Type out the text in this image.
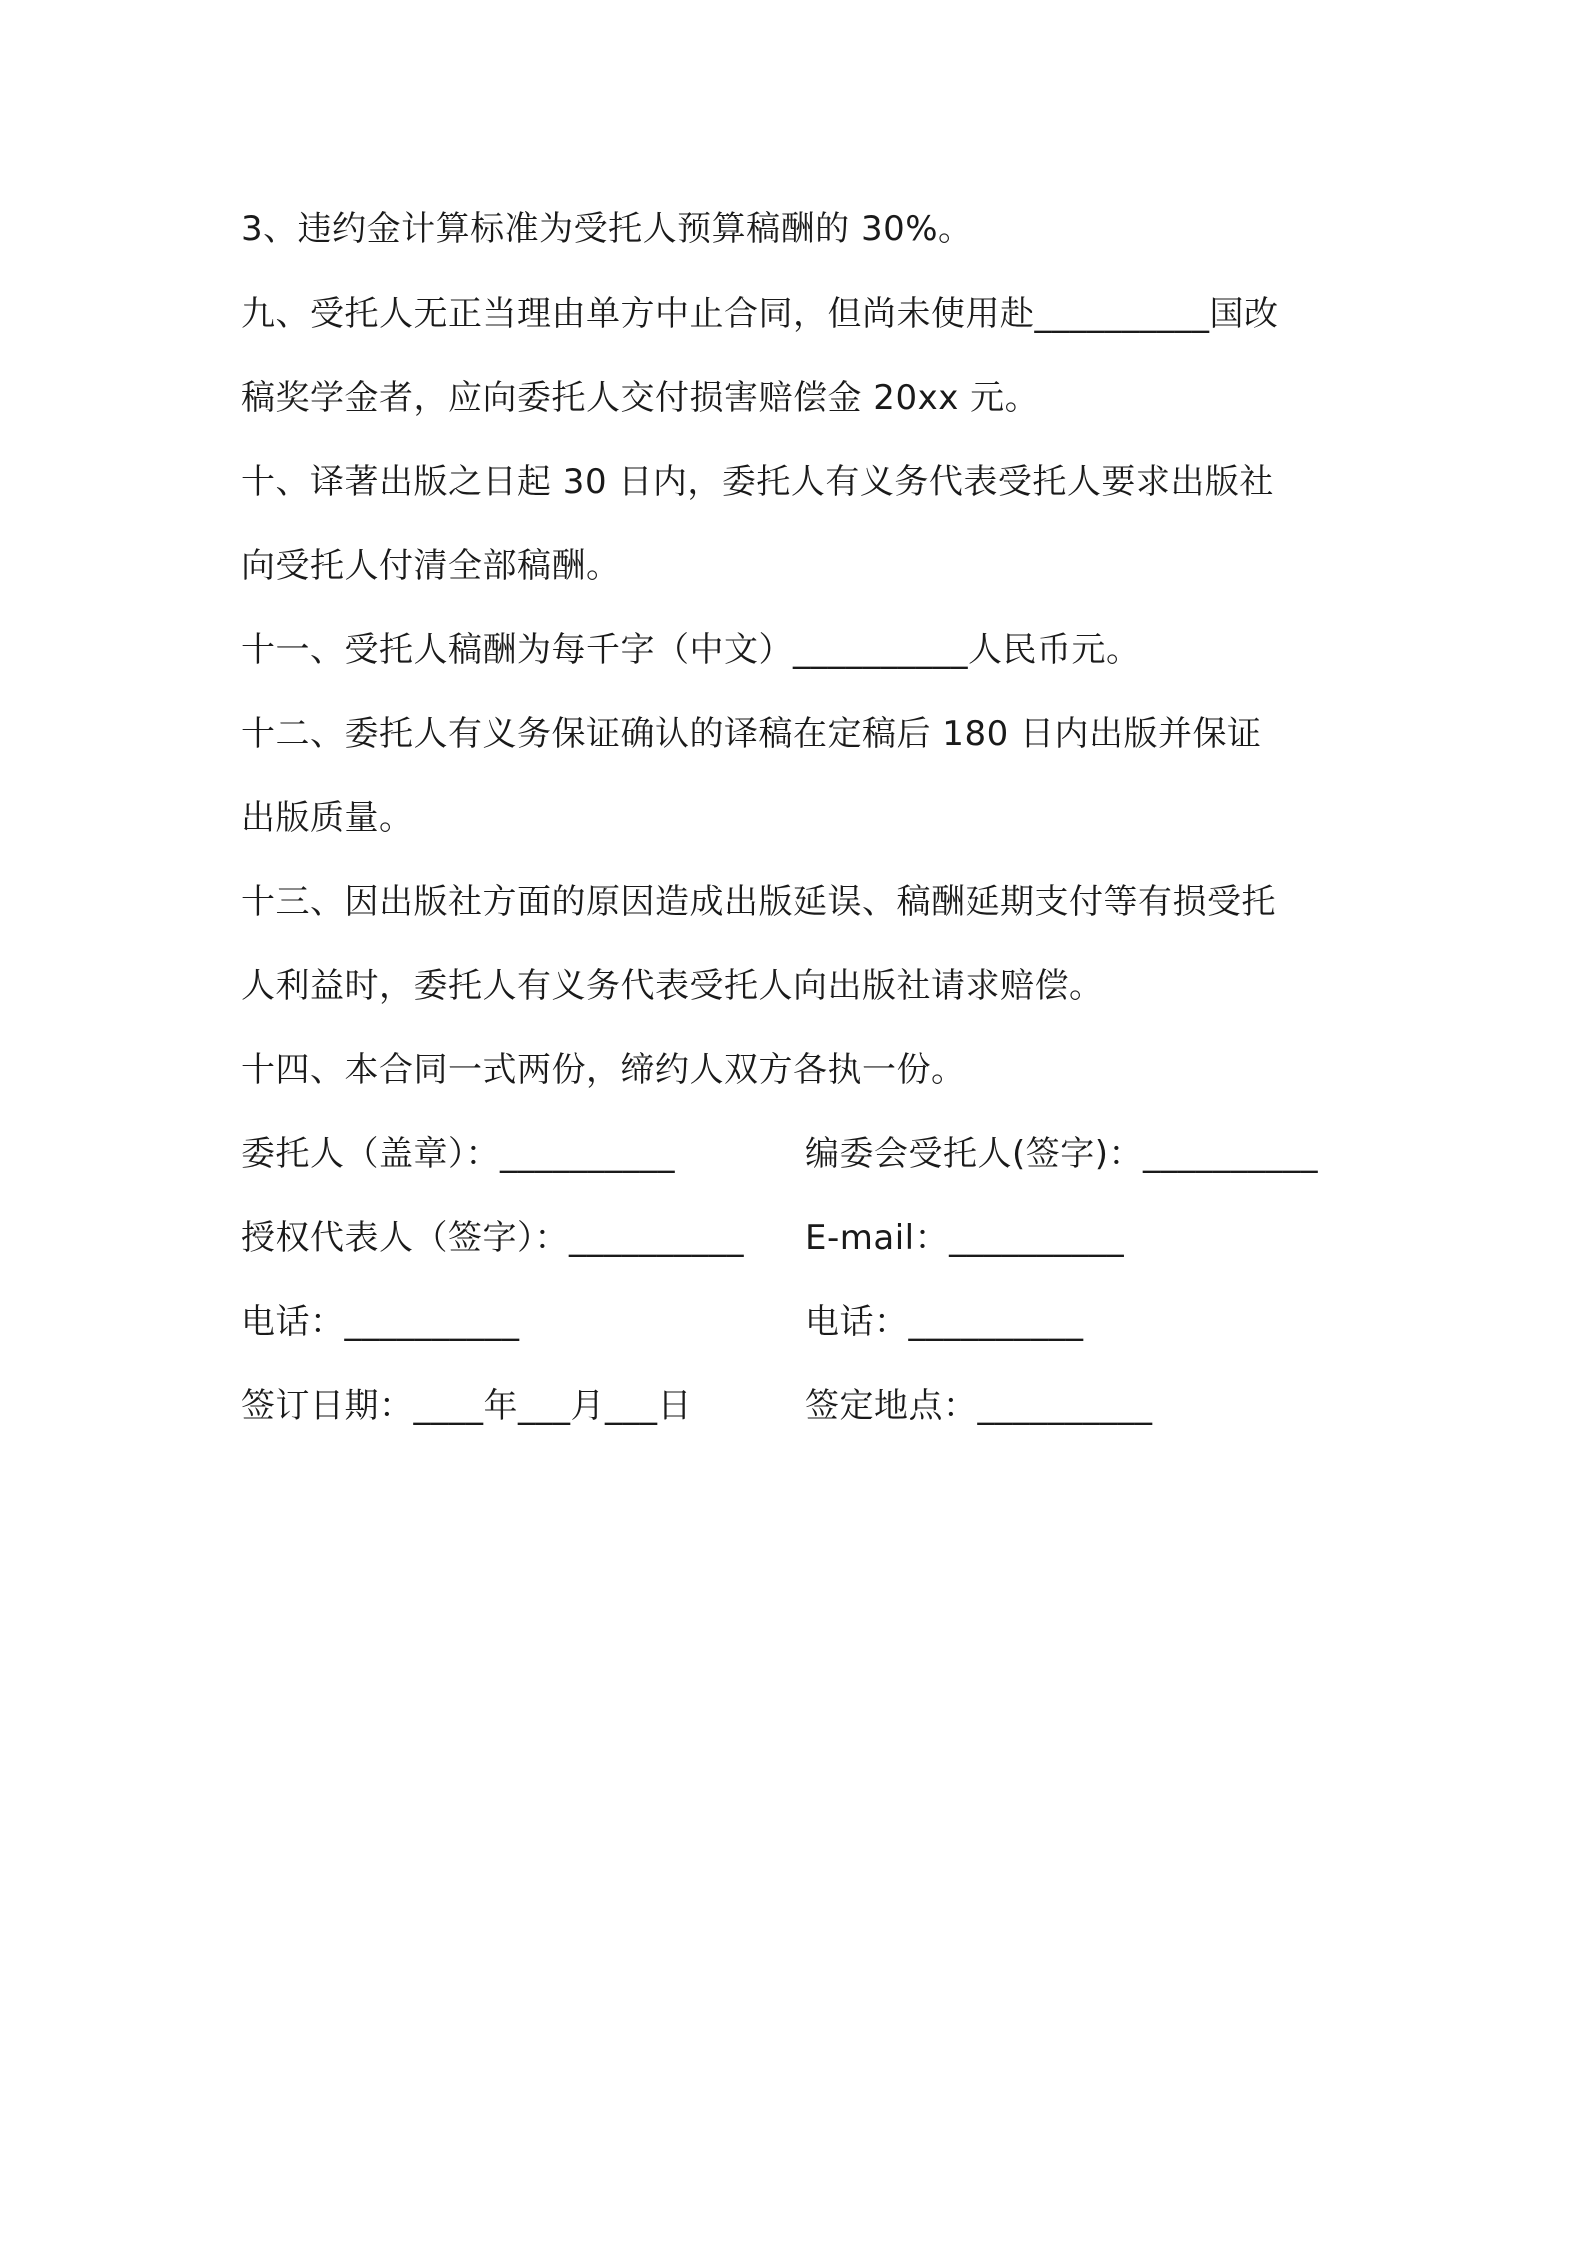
3、违约金计算标准为受托人预算稿酬的 30%。
九、受托人无正当理由单方中止合同，但尚未使用赴__________国改
稿奖学金者，应向委托人交付损害赔偿金 20xx 元。
十、译著出版之日起 30 日内，委托人有义务代表受托人要求出版社
向受托人付清全部稿酬。
十一、受托人稿酬为每千字（中文）__________人民币元。
十二、委托人有义务保证确认的译稿在定稿后 180 日内出版并保证
出版质量。
十三、因出版社方面的原因造成出版延误、稿酬延期支付等有损受托
人利益时，委托人有义务代表受托人向出版社请求赔偿。
十四、本合同一式两份，缔约人双方各执一份。
委托人（盖章）：__________	编委会受托人(签字)：__________
授权代表人（签字）：__________ E-mail：__________
电话：__________	电话：__________
签订日期：____年___月___日	签定地点：__________
